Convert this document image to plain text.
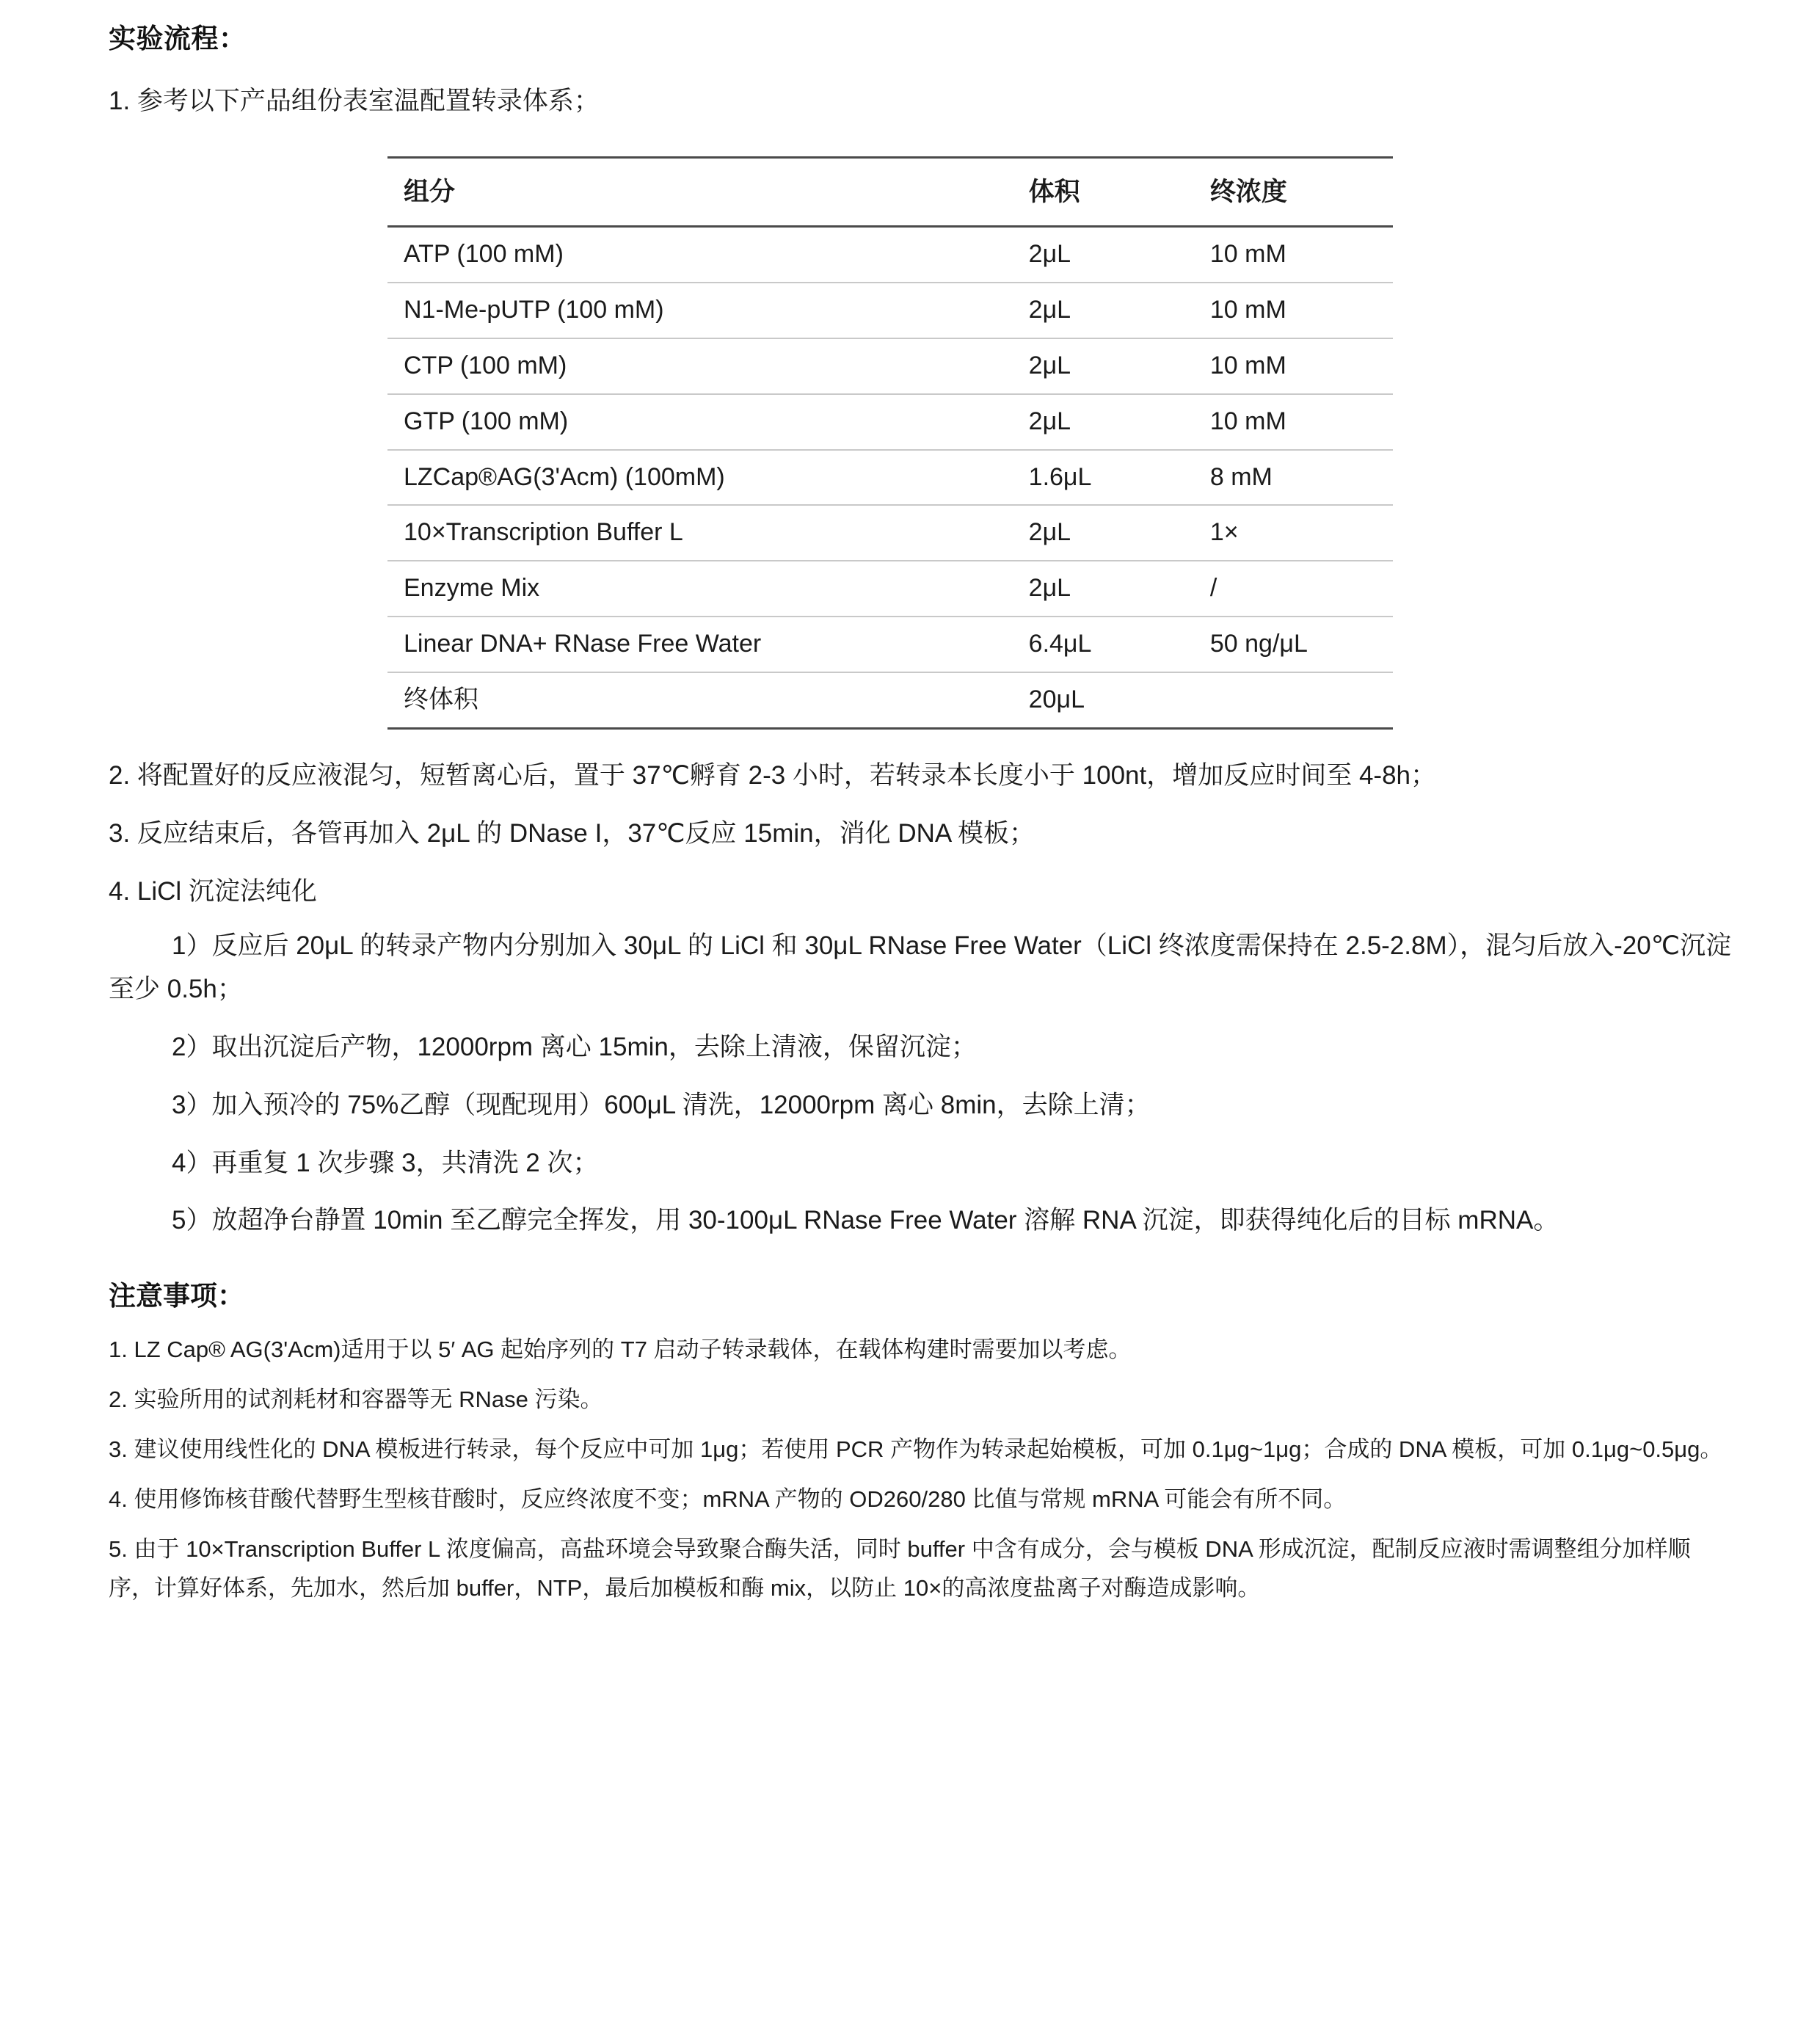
实验流程：

1. 参考以下产品组份表室温配置转录体系；

组分	体积	终浓度
ATP (100 mM)	2μL	10 mM
N1-Me-pUTP (100 mM)	2μL	10 mM
CTP (100 mM)	2μL	10 mM
GTP (100 mM)	2μL	10 mM
LZCap®AG(3'Acm) (100mM)	1.6μL	8 mM
10×Transcription Buffer L	2μL	1×
Enzyme Mix	2μL	/
Linear DNA+ RNase Free Water	6.4μL	50 ng/μL
终体积	20μL	

2. 将配置好的反应液混匀，短暂离心后，置于 37℃孵育 2-3 小时，若转录本长度小于 100nt，增加反应时间至 4-8h；

3. 反应结束后，各管再加入 2μL 的 DNase I，37℃反应 15min，消化 DNA 模板；

4. LiCl 沉淀法纯化

1）反应后 20μL 的转录产物内分别加入 30μL 的 LiCl 和 30μL RNase Free Water（LiCl 终浓度需保持在 2.5-2.8M），混匀后放入-20℃沉淀至少 0.5h；

2）取出沉淀后产物，12000rpm 离心 15min，去除上清液，保留沉淀；

3）加入预冷的 75%乙醇（现配现用）600μL 清洗，12000rpm 离心 8min，去除上清；

4）再重复 1 次步骤 3，共清洗 2 次；

5）放超净台静置 10min 至乙醇完全挥发，用 30-100μL RNase Free Water 溶解 RNA 沉淀，即获得纯化后的目标 mRNA。

注意事项：

1. LZ Cap® AG(3'Acm)适用于以 5′ AG 起始序列的 T7 启动子转录载体，在载体构建时需要加以考虑。

2. 实验所用的试剂耗材和容器等无 RNase 污染。

3. 建议使用线性化的 DNA 模板进行转录，每个反应中可加 1μg；若使用 PCR 产物作为转录起始模板，可加 0.1μg~1μg；合成的 DNA 模板，可加 0.1μg~0.5μg。

4. 使用修饰核苷酸代替野生型核苷酸时，反应终浓度不变；mRNA 产物的 OD260/280 比值与常规 mRNA 可能会有所不同。

5. 由于 10×Transcription Buffer L 浓度偏高，高盐环境会导致聚合酶失活，同时 buffer 中含有成分，会与模板 DNA 形成沉淀，配制反应液时需调整组分加样顺序，计算好体系，先加水，然后加 buffer，NTP，最后加模板和酶 mix，以防止 10×的高浓度盐离子对酶造成影响。
